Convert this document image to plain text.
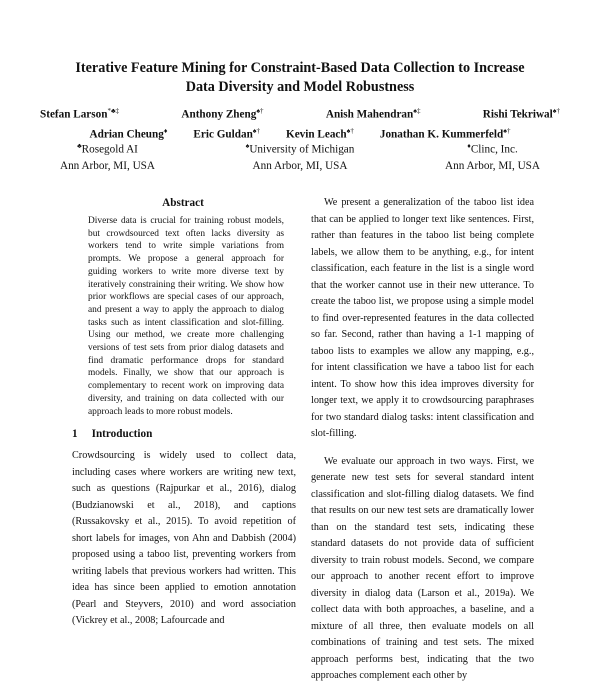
Iterative Feature Mining for Constraint-Based Data Collection to Increase
Data Diversity and Model Robustness
Stefan Larson*♣‡	Anthony Zheng♠†	Anish Mahendran♠‡	Rishi Tekriwal♠†
Adrian Cheung♦ Eric Guldan♠† Kevin Leach♠† Jonathan K. Kummerfeld♠†
♣Rosegold AI
Ann Arbor, MI, USA
♠University of Michigan
Ann Arbor, MI, USA
♦Clinc, Inc.
Ann Arbor, MI, USA
Abstract

Diverse data is crucial for training robust models, but crowdsourced text often lacks diversity as workers tend to write simple variations from prompts. We propose a general approach for guiding workers to write more diverse text by iteratively constraining their writing. We show how prior workflows are special cases of our approach, and present a way to apply the approach to dialog tasks such as intent classification and slot-filling. Using our method, we create more challenging versions of test sets from prior dialog datasets and find dramatic performance drops for standard models. Finally, we show that our approach is complementary to recent work on improving data diversity, and training on data collected with our approach leads to more robust models.

1 Introduction

Crowdsourcing is widely used to collect data, including cases where workers are writing new text, such as questions (Rajpurkar et al., 2016), dialog (Budzianowski et al., 2018), and captions (Russakovsky et al., 2015). To avoid repetition of short labels for images, von Ahn and Dabbish (2004) proposed using a taboo list, preventing workers from writing labels that previous workers had written. This idea has since been applied to emotion annotation (Pearl and Steyvers, 2010) and word association (Vickrey et al., 2008; Lafourcade and

We present a generalization of the taboo list idea that can be applied to longer text like sentences. First, rather than features in the taboo list being complete labels, we allow them to be anything, e.g., for intent classification, each feature in the list is a single word that the worker cannot use in their new utterance. To create the taboo list, we propose using a simple model to find over-represented features in the data collected so far. Second, rather than having a 1-1 mapping of taboo lists to examples we allow any mapping, e.g., for intent classification we have a taboo list for each intent. To show how this idea improves diversity for longer text, we apply it to crowdsourcing paraphrases for two standard dialog tasks: intent classification and slot-filling.

We evaluate our approach in two ways. First, we generate new test sets for several standard intent classification and slot-filling dialog datasets. We find that results on our new test sets are dramatically lower than on the standard test sets, indicating these standard datasets do not provide data of sufficient diversity to train robust models. Second, we compare our approach to another recent effort to improve diversity in dialog data (Larson et al., 2019a). We collect data with both approaches, a baseline, and a mixture of all three, then evaluate models on all combinations of training and test sets. The mixed approach performs best, indicating that the two approaches complement each other by
